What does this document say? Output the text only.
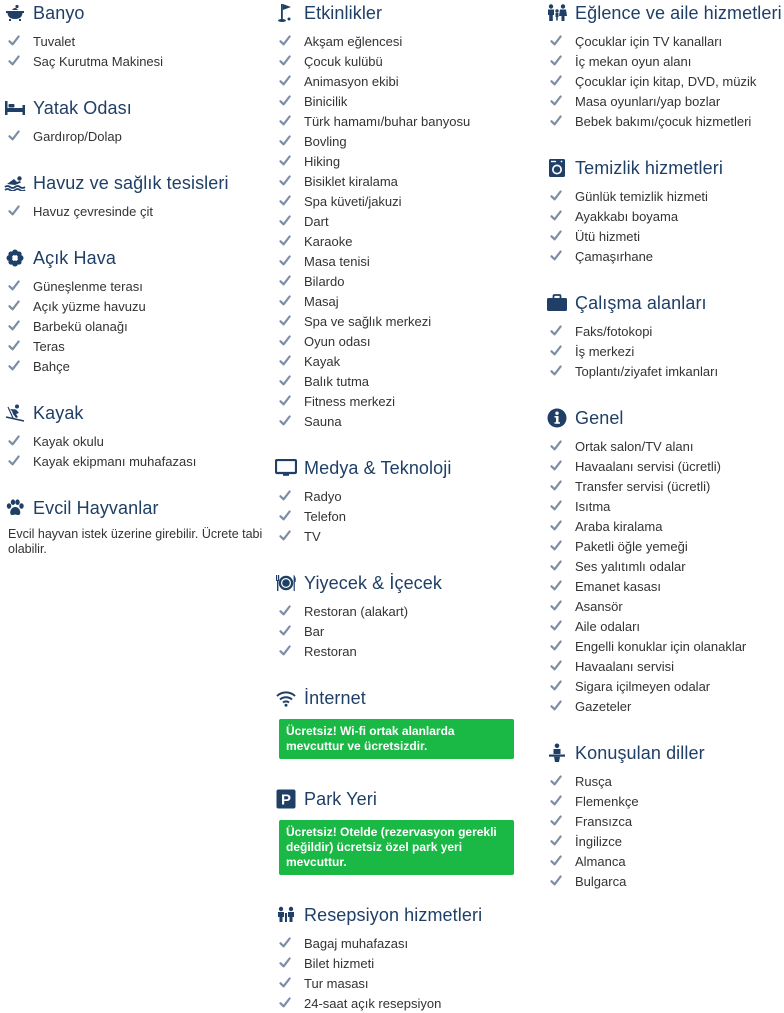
Banyo
Tuvalet
Saç Kurutma Makinesi
Yatak Odası
Gardırop/Dolap
Havuz ve sağlık tesisleri
Havuz çevresinde çit
Açık Hava
Güneşlenme terası
Açık yüzme havuzu
Barbekü olanağı
Teras
Bahçe
Kayak
Kayak okulu
Kayak ekipmanı muhafazası
Evcil Hayvanlar
Evcil hayvan istek üzerine girebilir. Ücrete tabi olabilir.
Etkinlikler
Akşam eğlencesi
Çocuk kulübü
Animasyon ekibi
Binicilik
Türk hamamı/buhar banyosu
Bovling
Hiking
Bisiklet kiralama
Spa küveti/jakuzi
Dart
Karaoke
Masa tenisi
Bilardo
Masaj
Spa ve sağlık merkezi
Oyun odası
Kayak
Balık tutma
Fitness merkezi
Sauna
Medya & Teknoloji
Radyo
Telefon
TV
Yiyecek & İçecek
Restoran (alakart)
Bar
Restoran
İnternet
Ücretsiz! Wi-fi ortak alanlarda mevcuttur ve ücretsizdir.
P Park Yeri
Ücretsiz! Otelde (rezervasyon gerekli değildir) ücretsiz özel park yeri mevcuttur.
Resepsiyon hizmetleri
Bagaj muhafazası
Bilet hizmeti
Tur masası
24-saat açık resepsiyon
Eğlence ve aile hizmetleri
Çocuklar için TV kanalları
İç mekan oyun alanı
Çocuklar için kitap, DVD, müzik
Masa oyunları/yap bozlar
Bebek bakımı/çocuk hizmetleri
Temizlik hizmetleri
Günlük temizlik hizmeti
Ayakkabı boyama
Ütü hizmeti
Çamaşırhane
Çalışma alanları
Faks/fotokopi
İş merkezi
Toplantı/ziyafet imkanları
Genel
Ortak salon/TV alanı
Havaalanı servisi (ücretli)
Transfer servisi (ücretli)
Isıtma
Araba kiralama
Paketli öğle yemeği
Ses yalıtımlı odalar
Emanet kasası
Asansör
Aile odaları
Engelli konuklar için olanaklar
Havaalanı servisi
Sigara içilmeyen odalar
Gazeteler
Konuşulan diller
Rusça
Flemenkçe
Fransızca
İngilizce
Almanca
Bulgarca
